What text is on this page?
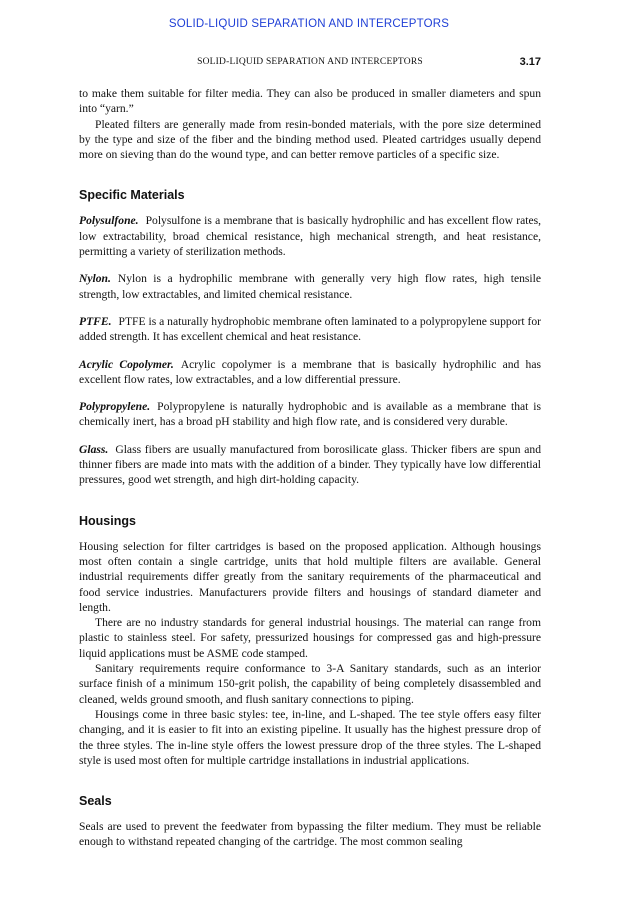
SOLID-LIQUID SEPARATION AND INTERCEPTORS
SOLID-LIQUID SEPARATION AND INTERCEPTORS	3.17

to make them suitable for filter media. They can also be produced in smaller diameters and spun into “yarn.”

Pleated filters are generally made from resin-bonded materials, with the pore size determined by the type and size of the fiber and the binding method used. Pleated cartridges usually depend more on sieving than do the wound type, and can better remove particles of a specific size.

Specific Materials

Polysulfone. Polysulfone is a membrane that is basically hydrophilic and has excellent flow rates, low extractability, broad chemical resistance, high mechanical strength, and heat resistance, permitting a variety of sterilization methods.

Nylon. Nylon is a hydrophilic membrane with generally very high flow rates, high tensile strength, low extractables, and limited chemical resistance.

PTFE. PTFE is a naturally hydrophobic membrane often laminated to a polypropylene support for added strength. It has excellent chemical and heat resistance.

Acrylic Copolymer. Acrylic copolymer is a membrane that is basically hydrophilic and has excellent flow rates, low extractables, and a low differential pressure.

Polypropylene. Polypropylene is naturally hydrophobic and is available as a membrane that is chemically inert, has a broad pH stability and high flow rate, and is considered very durable.

Glass. Glass fibers are usually manufactured from borosilicate glass. Thicker fibers are spun and thinner fibers are made into mats with the addition of a binder. They typically have low differential pressures, good wet strength, and high dirt-holding capacity.

Housings

Housing selection for filter cartridges is based on the proposed application. Although housings most often contain a single cartridge, units that hold multiple filters are available. General industrial requirements differ greatly from the sanitary requirements of the pharmaceutical and food service industries. Manufacturers provide filters and housings of standard diameter and length.

There are no industry standards for general industrial housings. The material can range from plastic to stainless steel. For safety, pressurized housings for compressed gas and high-pressure liquid applications must be ASME code stamped.

Sanitary requirements require conformance to 3-A Sanitary standards, such as an interior surface finish of a minimum 150-grit polish, the capability of being completely disassembled and cleaned, welds ground smooth, and flush sanitary connections to piping.

Housings come in three basic styles: tee, in-line, and L-shaped. The tee style offers easy filter changing, and it is easier to fit into an existing pipeline. It usually has the highest pressure drop of the three styles. The in-line style offers the lowest pressure drop of the three styles. The L-shaped style is used most often for multiple cartridge installations in industrial applications.

Seals

Seals are used to prevent the feedwater from bypassing the filter medium. They must be reliable enough to withstand repeated changing of the cartridge. The most common sealing
